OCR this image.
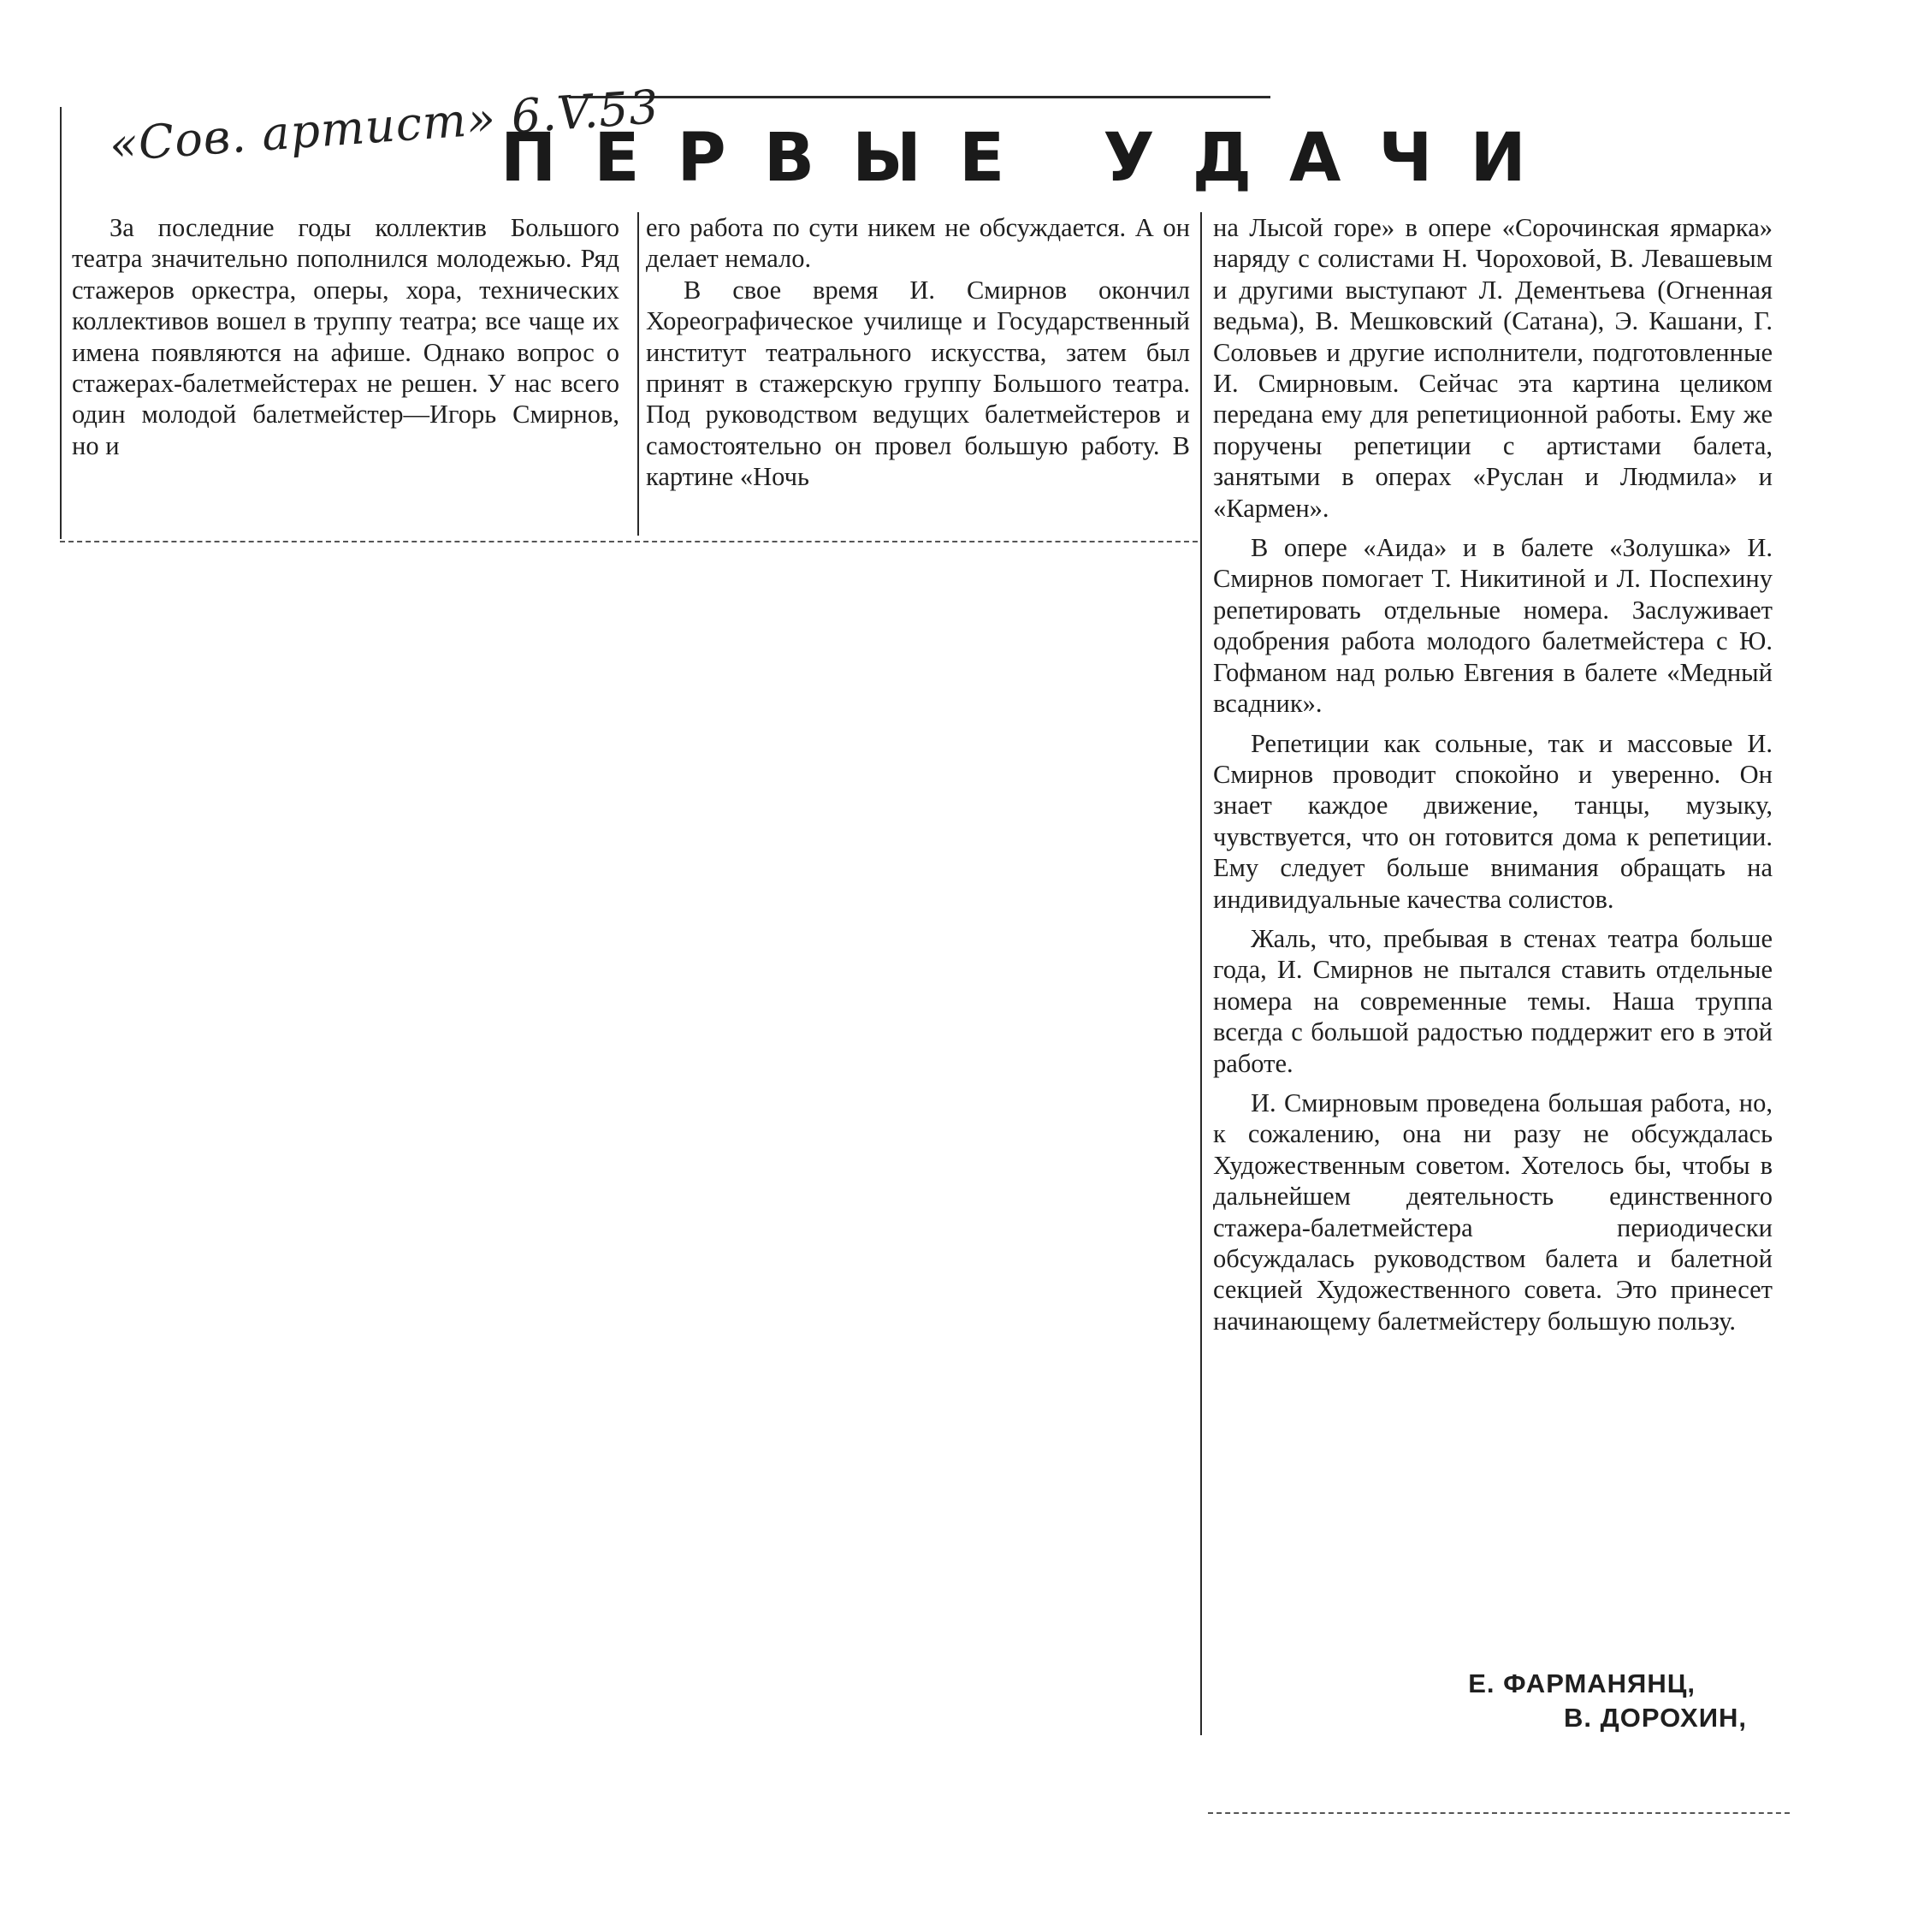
«Сов. артист» 6.V.53
ПЕРВЫЕ УДАЧИ

За последние годы коллектив Большого театра значительно пополнился молодежью. Ряд стажеров оркестра, оперы, хора, технических коллективов вошел в труппу театра; все чаще их имена появляются на афише. Однако вопрос о стажерах-балетмейстерах не решен. У нас всего один молодой балетмейстер—Игорь Смирнов, но и

его работа по сути никем не обсуждается. А он делает немало.

В свое время И. Смирнов окончил Хореографическое училище и Государственный институт театрального искусства, затем был принят в стажерскую группу Большого театра. Под руководством ведущих балетмейстеров и самостоятельно он провел большую работу. В картине «Ночь

на Лысой горе» в опере «Сорочинская ярмарка» наряду с солистами Н. Чороховой, В. Левашевым и другими выступают Л. Дементьева (Огненная ведьма), В. Мешковский (Сатана), Э. Кашани, Г. Соловьев и другие исполнители, подготовленные И. Смирновым. Сейчас эта картина целиком передана ему для репетиционной работы. Ему же поручены репетиции с артистами балета, занятыми в операх «Руслан и Людмила» и «Кармен».

В опере «Аида» и в балете «Золушка» И. Смирнов помогает Т. Никитиной и Л. Поспехину репетировать отдельные номера. Заслуживает одобрения работа молодого балетмейстера с Ю. Гофманом над ролью Евгения в балете «Медный всадник».

Репетиции как сольные, так и массовые И. Смирнов проводит спокойно и уверенно. Он знает каждое движение, танцы, музыку, чувствуется, что он готовится дома к репетиции. Ему следует больше внимания обращать на индивидуальные качества солистов.

Жаль, что, пребывая в стенах театра больше года, И. Смирнов не пытался ставить отдельные номера на современные темы. Наша труппа всегда с большой радостью поддержит его в этой работе.

И. Смирновым проведена большая работа, но, к сожалению, она ни разу не обсуждалась Художественным советом. Хотелось бы, чтобы в дальнейшем деятельность единственного стажера-балетмейстера периодически обсуждалась руководством балета и балетной секцией Художественного совета. Это принесет начинающему балетмейстеру большую пользу.

Е. ФАРМАНЯНЦ,
В. ДОРОХИН,
